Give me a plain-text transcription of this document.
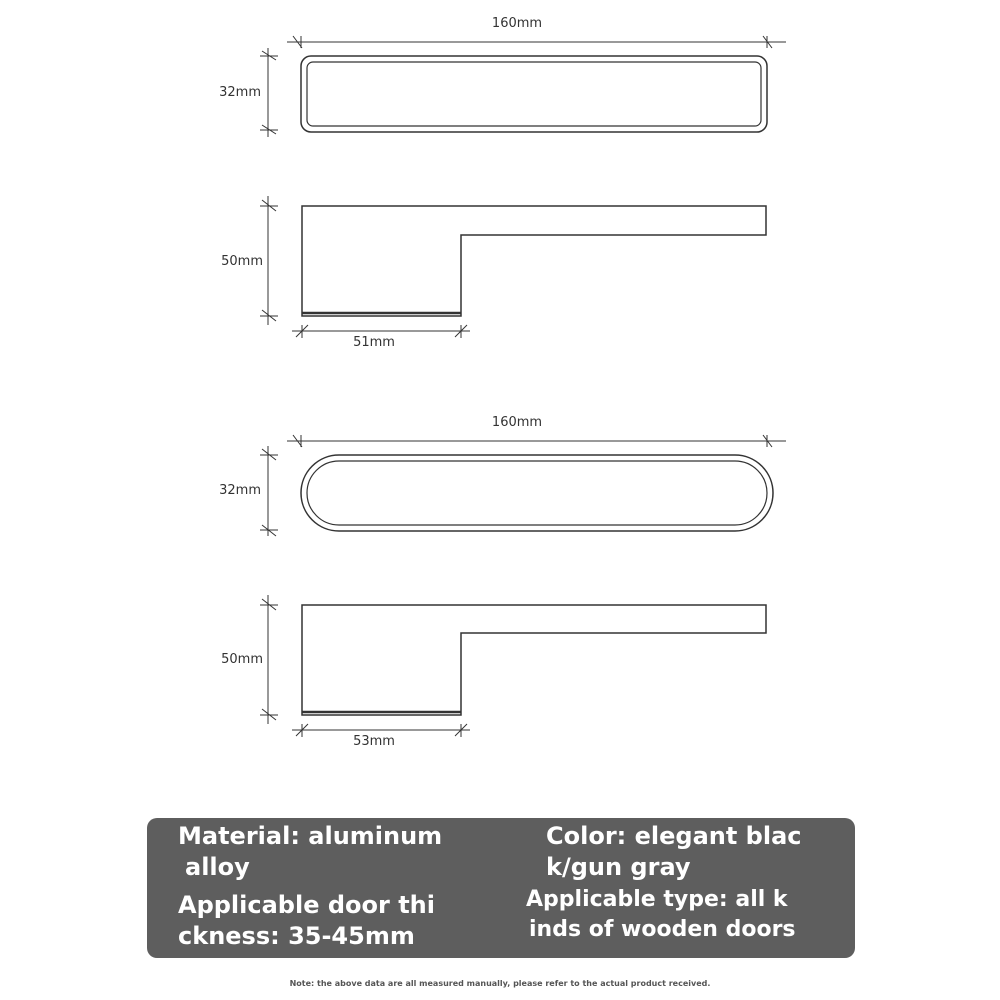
160mm
32mm
50mm
51mm
160mm
32mm
50mm
53mm
Material: aluminum
alloy
Color: elegant blac
k/gun gray
Applicable door thi
ckness: 35-45mm
Applicable type: all k
inds of wooden doors
Note: the above data are all measured manually, please refer to the actual product received.
